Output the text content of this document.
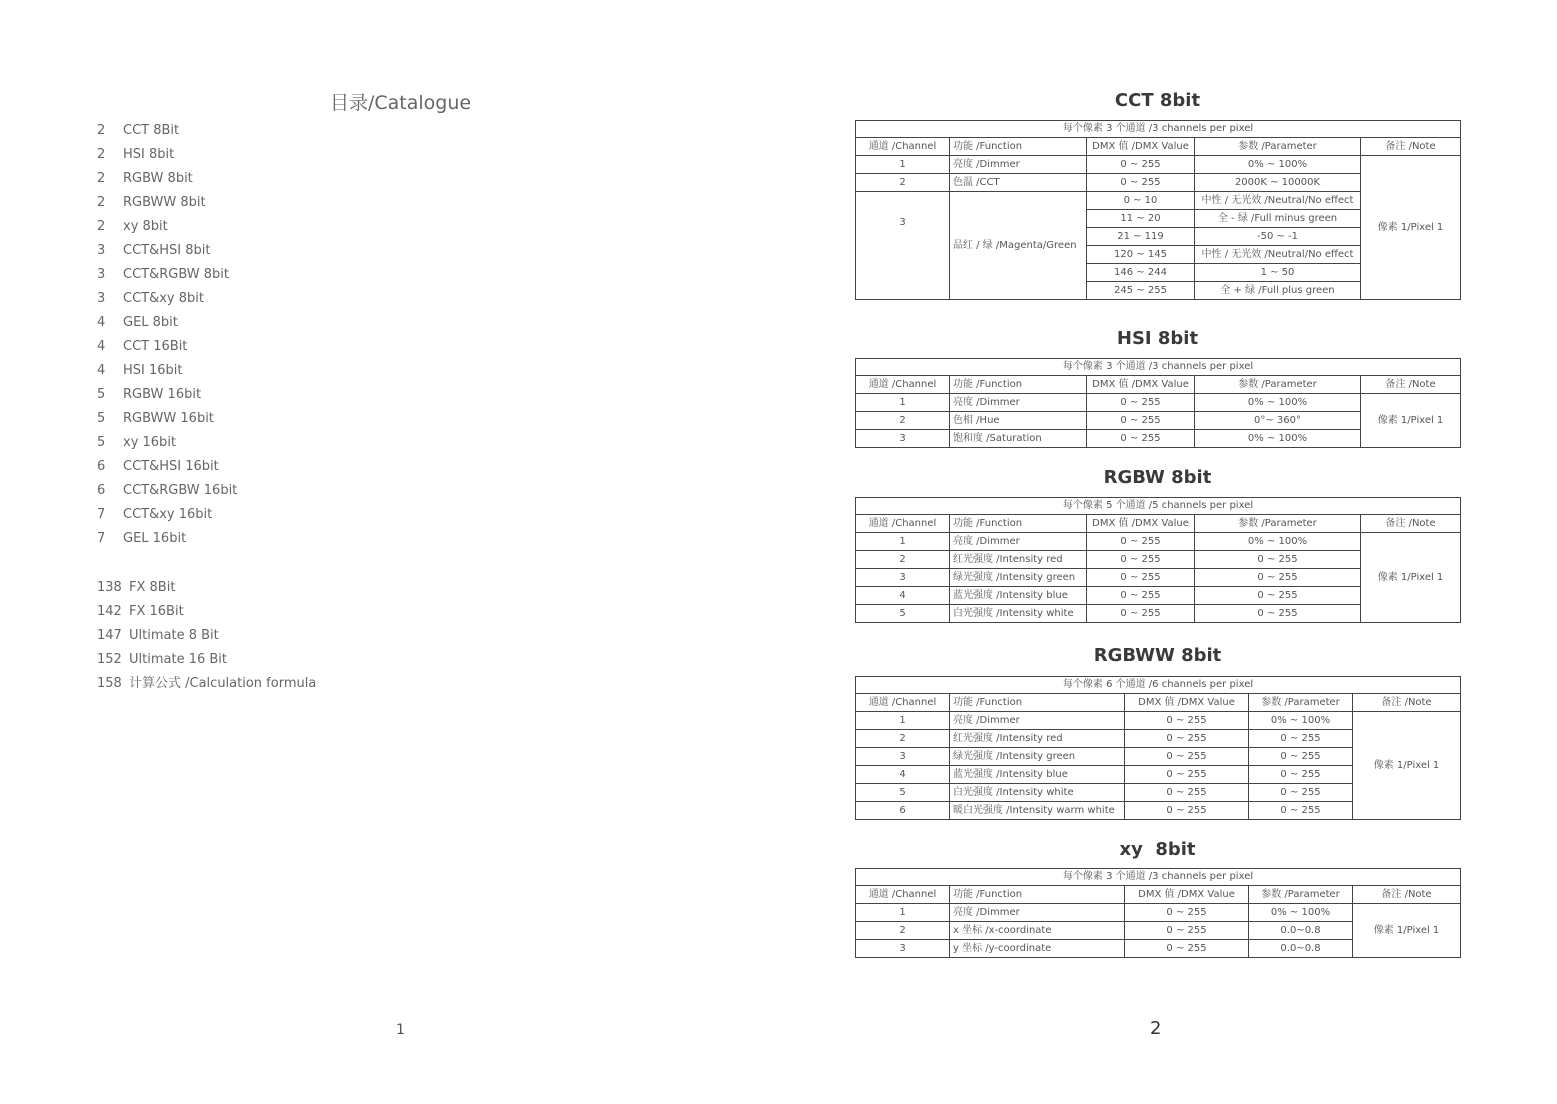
目录/Catalogue
2 CCT 8Bit
2 HSI 8bit
2 RGBW 8bit
2 RGBWW 8bit
2 xy 8bit
3 CCT&HSI 8bit
3 CCT&RGBW 8bit
3 CCT&xy 8bit
4 GEL 8bit
4 CCT 16Bit
4 HSI 16bit
5 RGBW 16bit
5 RGBWW 16bit
5 xy 16bit
6 CCT&HSI 16bit
6 CCT&RGBW 16bit
7 CCT&xy 16bit
7 GEL 16bit
138 FX 8Bit
142 FX 16Bit
147 Ultimate 8 Bit
152 Ultimate 16 Bit
158 计算公式 /Calculation formula
1
CCT 8bit
每个像素 3 个通道 /3 channels per pixel				
通道 /Channel	功能 /Function	DMX 值 /DMX Value	参数 /Parameter	备注 /Note
1	亮度 /Dimmer	0 ~ 255	0% ~ 100%	像素 1/Pixel 1
2	色温 /CCT	0 ~ 255	2000K ~ 10000K	
3	品红 / 绿 /Magenta/Green	0 ~ 10	中性 / 无光效 /Neutral/No effect	
		11 ~ 20	全 - 绿 /Full minus green	
		21 ~ 119	-50 ~ -1	
		120 ~ 145	中性 / 无光效 /Neutral/No effect	
		146 ~ 244	1 ~ 50	
		245 ~ 255	全 + 绿 /Full plus green	
HSI 8bit
每个像素 3 个通道 /3 channels per pixel				
通道 /Channel	功能 /Function	DMX 值 /DMX Value	参数 /Parameter	备注 /Note
1	亮度 /Dimmer	0 ~ 255	0% ~ 100%	像素 1/Pixel 1
2	色相 /Hue	0 ~ 255	0°~ 360°	
3	饱和度 /Saturation	0 ~ 255	0% ~ 100%	
RGBW 8bit
每个像素 5 个通道 /5 channels per pixel				
通道 /Channel	功能 /Function	DMX 值 /DMX Value	参数 /Parameter	备注 /Note
1	亮度 /Dimmer	0 ~ 255	0% ~ 100%	像素 1/Pixel 1
2	红光强度 /Intensity red	0 ~ 255	0 ~ 255	
3	绿光强度 /Intensity green	0 ~ 255	0 ~ 255	
4	蓝光强度 /Intensity blue	0 ~ 255	0 ~ 255	
5	白光强度 /Intensity white	0 ~ 255	0 ~ 255	
RGBWW 8bit
每个像素 6 个通道 /6 channels per pixel				
通道 /Channel	功能 /Function	DMX 值 /DMX Value	参数 /Parameter	备注 /Note
1	亮度 /Dimmer	0 ~ 255	0% ~ 100%	像素 1/Pixel 1
2	红光强度 /Intensity red	0 ~ 255	0 ~ 255	
3	绿光强度 /Intensity green	0 ~ 255	0 ~ 255	
4	蓝光强度 /Intensity blue	0 ~ 255	0 ~ 255	
5	白光强度 /Intensity white	0 ~ 255	0 ~ 255	
6	暖白光强度 /Intensity warm white	0 ~ 255	0 ~ 255	
xy  8bit
每个像素 3 个通道 /3 channels per pixel				
通道 /Channel	功能 /Function	DMX 值 /DMX Value	参数 /Parameter	备注 /Note
1	亮度 /Dimmer	0 ~ 255	0% ~ 100%	像素 1/Pixel 1
2	x 坐标 /x-coordinate	0 ~ 255	0.0~0.8	
3	y 坐标 /y-coordinate	0 ~ 255	0.0~0.8	
2
